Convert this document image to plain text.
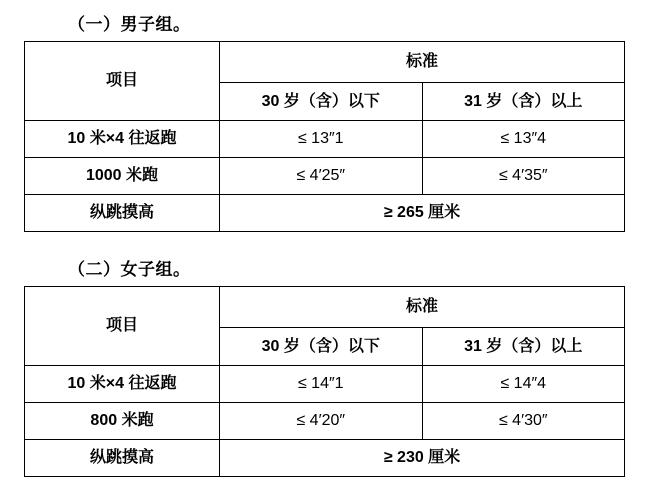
（一）男子组。
项目	标准	
	30 岁（含）以下	31 岁（含）以上
10 米×4 往返跑	≤ 13″1	≤ 13″4
1000 米跑	≤ 4′25″	≤ 4′35″
纵跳摸高	≥ 265 厘米	
（二）女子组。
项目	标准	
	30 岁（含）以下	31 岁（含）以上
10 米×4 往返跑	≤ 14″1	≤ 14″4
800 米跑	≤ 4′20″	≤ 4′30″
纵跳摸高	≥ 230 厘米	
